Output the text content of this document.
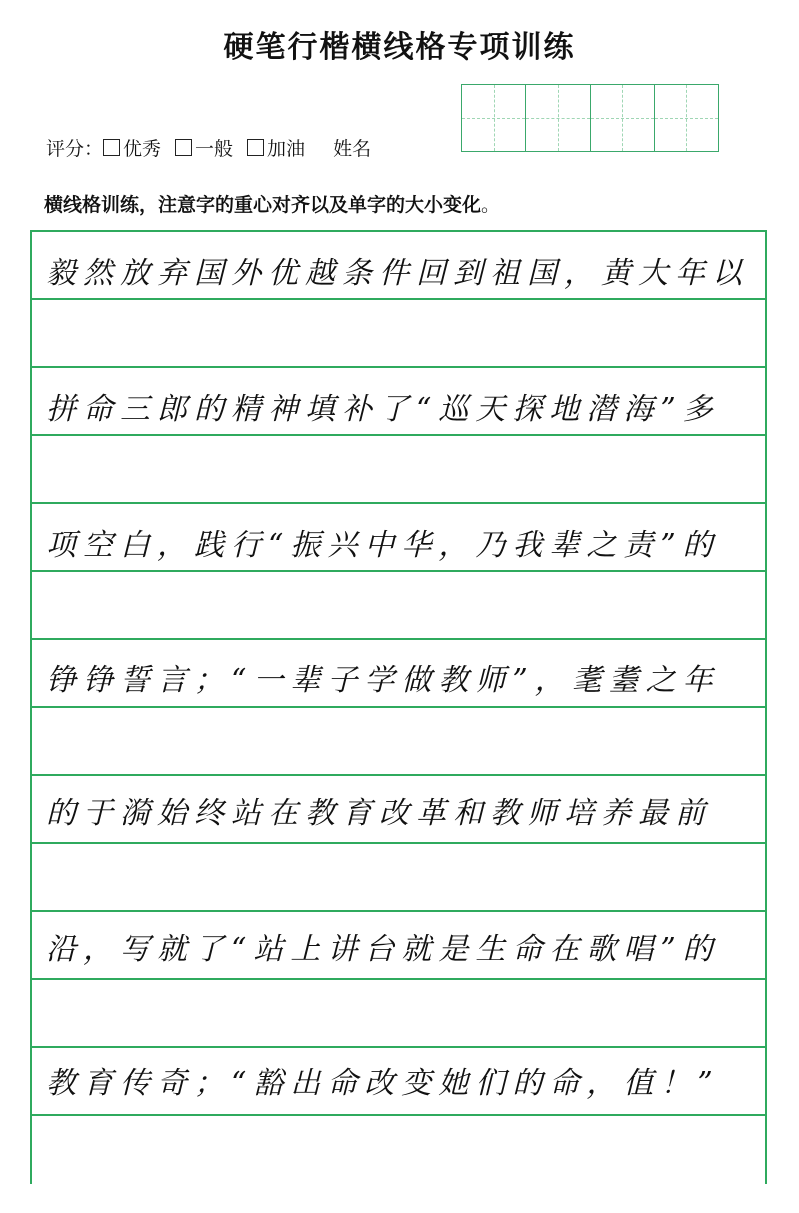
硬笔行楷横线格专项训练
评分： 优秀 一般 加油 姓名
横线格训练，注意字的重心对齐以及单字的大小变化。
毅然放弃国外优越条件回到祖国，黄大年以
拼命三郎的精神填补了“巡天探地潜海”多
项空白，践行“振兴中华，乃我辈之责”的
铮铮誓言；“一辈子学做教师”，耄耋之年
的于漪始终站在教育改革和教师培养最前
沿，写就了“站上讲台就是生命在歌唱”的
教育传奇；“豁出命改变她们的命，值！”
